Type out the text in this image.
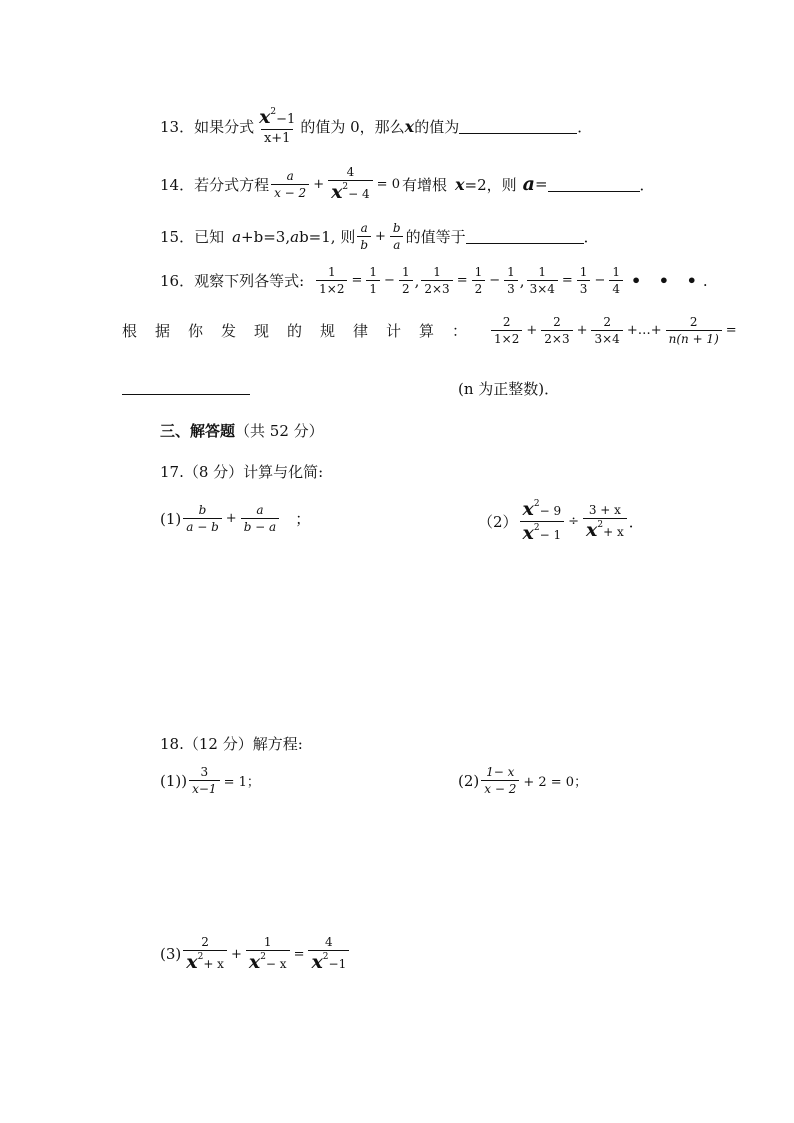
13．如果分式 $\frac{x^2-1}{x+1}$ 的值为 0，那么 x 的值为	．
14．若分式方程 $\frac{a}{x - 2} + \frac{4}{x^2- 4} = 0$ 有增根 x =2，则 a =	．
15．已知 a +b=3, a b=1, 则 $\frac{a}{b} + \frac{b}{a}$ 的值等于	．
16．观察下列各等式: $\frac{1}{1\times 2} = \frac{1}{1} - \frac{1}{2}$ , $\frac{1}{2\times 3} = \frac{1}{2} - \frac{1}{3}$ , $\frac{1}{3\times 4} = \frac{1}{3} - \frac{1}{4}$ • • • .
根据你发现的规律计算： $\frac{2}{1\times 2} + \frac{2}{2\times 3} + \frac{2}{3\times 4}$ +…+ $\frac{2}{n(n + 1)}$ =
(n 为正整数)．
三、解答题 （共 52 分）
17.（8 分）计算与化简:
$(1) \frac{b}{a - b} + \frac{a}{b - a}$ ；	$(2) \frac{x^2- 9}{x^2- 1} \div \frac{3 + x}{x^2+ x}$ ．
18.（12 分）解方程:
$(1)) \frac{3}{x-1} = 1$；	$(2) \frac{1- x}{x - 2} + 2 = 0$；
$(3) \frac{2}{x^2+ x} + \frac{1}{x^2- x} = \frac{4}{x^2-1}$
